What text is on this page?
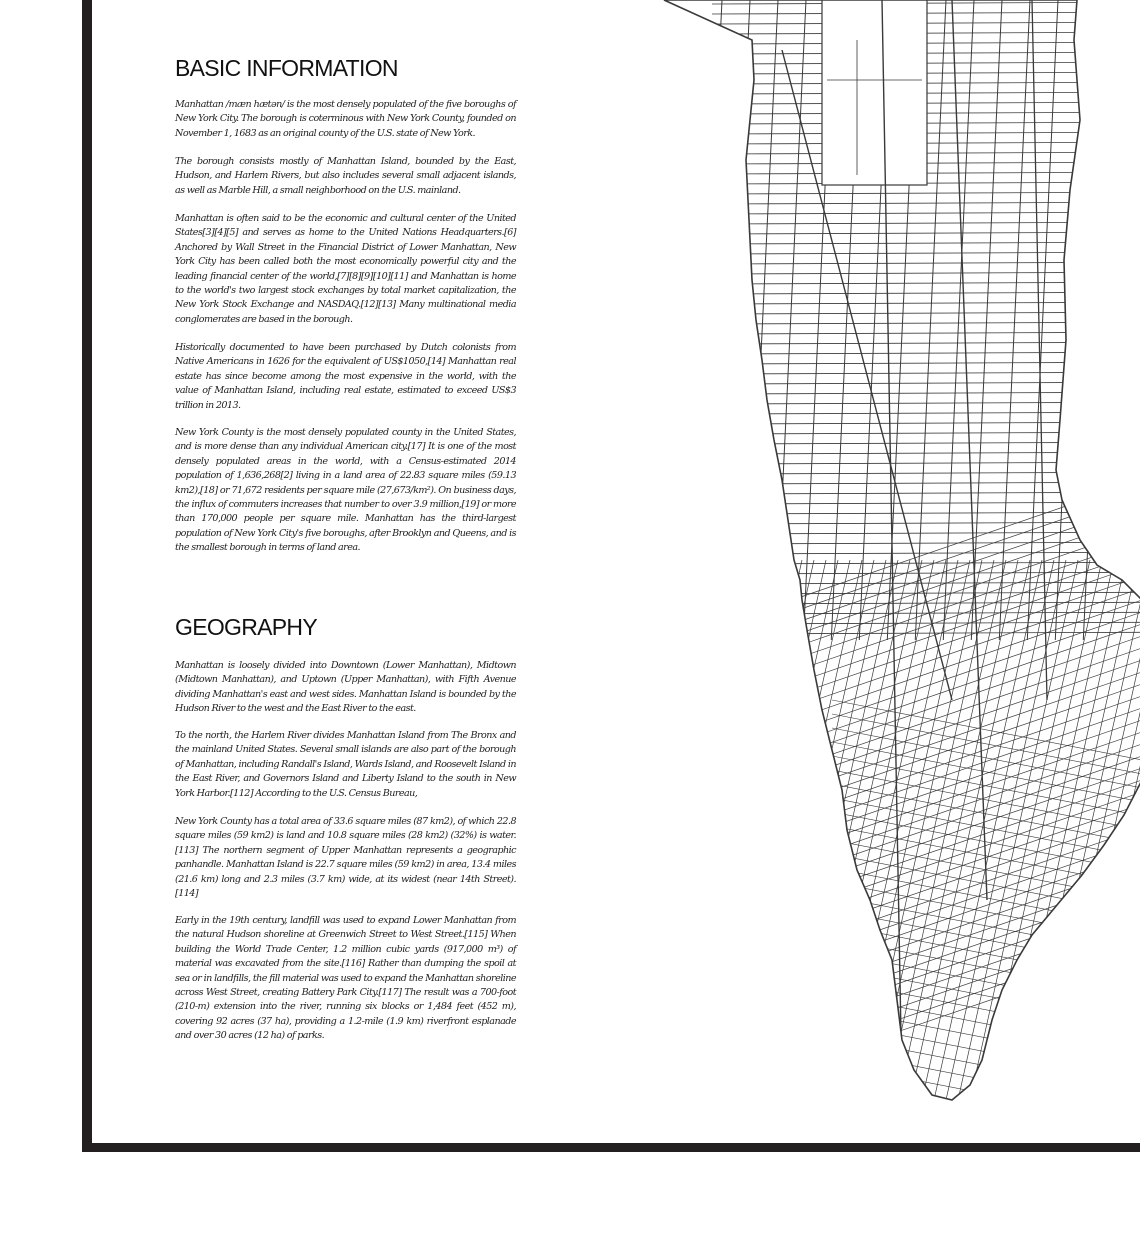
BASIC INFORMATION

Manhattan /mæn hætən/ is the most densely populated of the five boroughs of New York City. The borough is coterminous with New York County, founded on November 1, 1683 as an original county of the U.S. state of New York.

The borough consists mostly of Manhattan Island, bounded by the East, Hudson, and Harlem Rivers, but also includes several small adjacent islands, as well as Marble Hill, a small neighborhood on the U.S. mainland.

Manhattan is often said to be the economic and cultural center of the United States[3][4][5] and serves as home to the United Nations Headquarters.[6] Anchored by Wall Street in the Financial District of Lower Manhattan, New York City has been called both the most economically powerful city and the leading financial center of the world,[7][8][9][10][11] and Manhattan is home to the world's two largest stock exchanges by total market capitalization, the New York Stock Exchange and NASDAQ.[12][13] Many multinational media conglomerates are based in the borough.

Historically documented to have been purchased by Dutch colonists from Native Americans in 1626 for the equivalent of US$1050,[14] Manhattan real estate has since become among the most expensive in the world, with the value of Manhattan Island, including real estate, estimated to exceed US$3 trillion in 2013.

New York County is the most densely populated county in the United States, and is more dense than any individual American city.[17] It is one of the most densely populated areas in the world, with a Census-estimated 2014 population of 1,636,268[2] living in a land area of 22.83 square miles (59.13 km2),[18] or 71,672 residents per square mile (27,673/km²). On business days, the influx of commuters increases that number to over 3.9 million,[19] or more than 170,000 people per square mile. Manhattan has the third-largest population of New York City's five boroughs, after Brooklyn and Queens, and is the smallest borough in terms of land area.

GEOGRAPHY

Manhattan is loosely divided into Downtown (Lower Manhattan), Midtown (Midtown Manhattan), and Uptown (Upper Manhattan), with Fifth Avenue dividing Manhattan's east and west sides. Manhattan Island is bounded by the Hudson River to the west and the East River to the east.

To the north, the Harlem River divides Manhattan Island from The Bronx and the mainland United States. Several small islands are also part of the borough of Manhattan, including Randall's Island, Wards Island, and Roosevelt Island in the East River, and Governors Island and Liberty Island to the south in New York Harbor.[112] According to the U.S. Census Bureau,

New York County has a total area of 33.6 square miles (87 km2), of which 22.8 square miles (59 km2) is land and 10.8 square miles (28 km2) (32%) is water.[113] The northern segment of Upper Manhattan represents a geographic panhandle. Manhattan Island is 22.7 square miles (59 km2) in area, 13.4 miles (21.6 km) long and 2.3 miles (3.7 km) wide, at its widest (near 14th Street).[114]

Early in the 19th century, landfill was used to expand Lower Manhattan from the natural Hudson shoreline at Greenwich Street to West Street.[115] When building the World Trade Center, 1.2 million cubic yards (917,000 m³) of material was excavated from the site.[116] Rather than dumping the spoil at sea or in landfills, the fill material was used to expand the Manhattan shoreline across West Street, creating Battery Park City.[117] The result was a 700-foot (210-m) extension into the river, running six blocks or 1,484 feet (452 m), covering 92 acres (37 ha), providing a 1.2-mile (1.9 km) riverfront esplanade and over 30 acres (12 ha) of parks.
